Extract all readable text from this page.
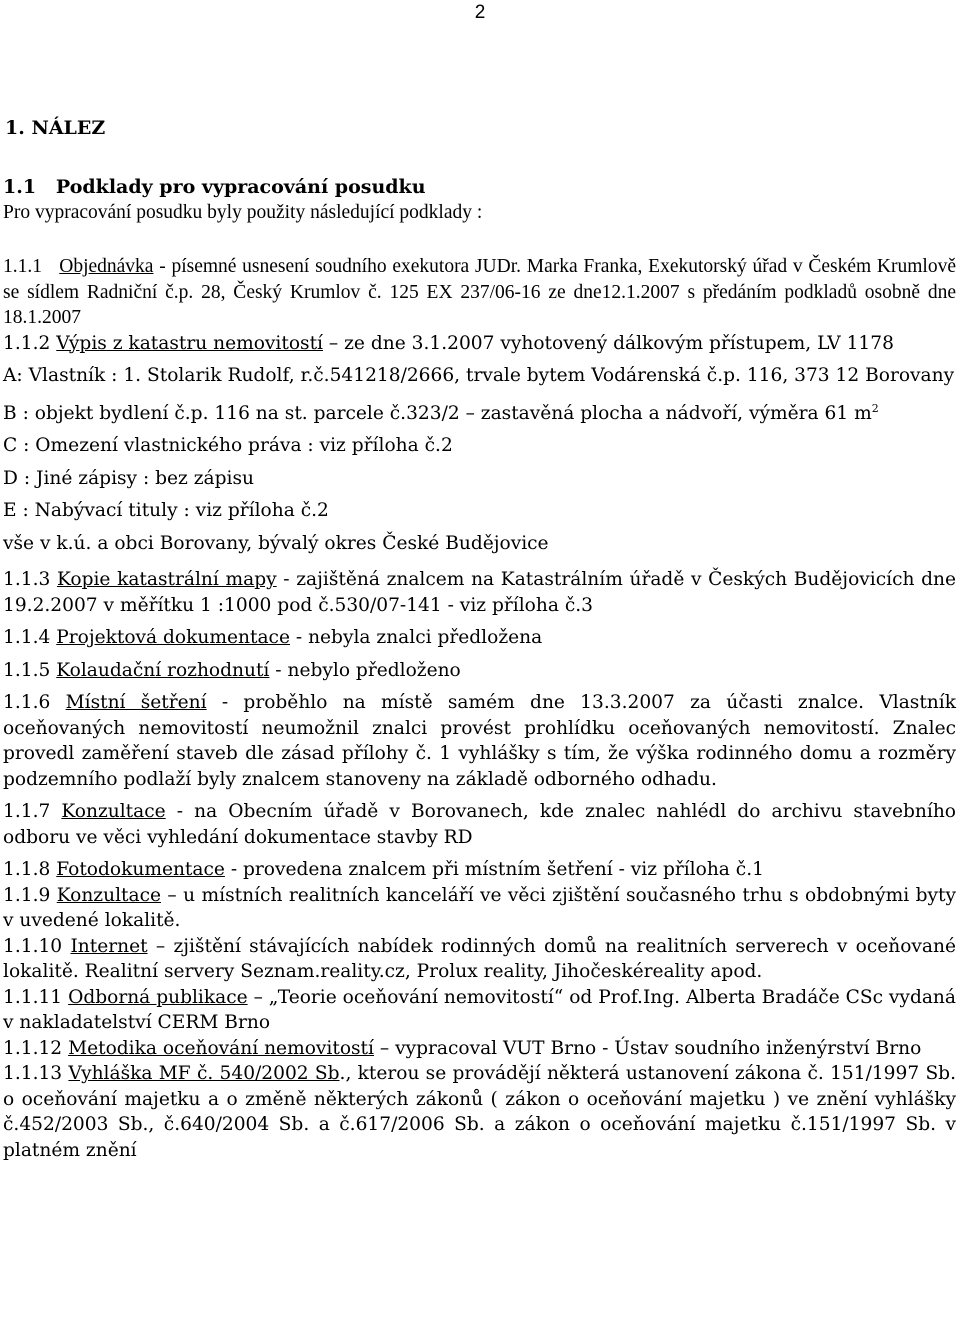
2
1. NÁLEZ
1.1 Podklady pro vypracování posudku

Pro vypracování posudku byly použity následující podklady :

1.1.1 Objednávka - písemné usnesení soudního exekutora JUDr. Marka Franka, Exekutorský úřad v Českém Krumlově se sídlem Radniční č.p. 28, Český Krumlov č. 125 EX 237/06-16 ze dne12.1.2007 s předáním podkladů osobně dne 18.1.2007

1.1.2 Výpis z katastru nemovitostí – ze dne 3.1.2007 vyhotovený dálkovým přístupem, LV 1178

A: Vlastník : 1. Stolarik Rudolf, r.č.541218/2666, trvale bytem Vodárenská č.p. 116, 373 12 Borovany

B : objekt bydlení č.p. 116 na st. parcele č.323/2 – zastavěná plocha a nádvoří, výměra 61 $m^2$

C : Omezení vlastnického práva : viz příloha č.2

D : Jiné zápisy : bez zápisu

E : Nabývací tituly : viz příloha č.2

vše v k.ú. a obci Borovany, bývalý okres České Budějovice

1.1.3 Kopie katastrální mapy - zajištěná znalcem na Katastrálním úřadě v Českých Budějovicích dne 19.2.2007 v měřítku 1 :1000 pod č.530/07-141 - viz příloha č.3

1.1.4 Projektová dokumentace - nebyla znalci předložena

1.1.5 Kolaudační rozhodnutí - nebylo předloženo

1.1.6 Místní šetření - proběhlo na místě samém dne 13.3.2007 za účasti znalce. Vlastník oceňovaných nemovitostí neumožnil znalci provést prohlídku oceňovaných nemovitostí. Znalec provedl zaměření staveb dle zásad přílohy č. 1 vyhlášky s tím, že výška rodinného domu a rozměry podzemního podlaží byly znalcem stanoveny na základě odborného odhadu.

1.1.7 Konzultace - na Obecním úřadě v Borovanech, kde znalec nahlédl do archivu stavebního odboru ve věci vyhledání dokumentace stavby RD

1.1.8 Fotodokumentace - provedena znalcem při místním šetření - viz příloha č.1

1.1.9 Konzultace – u místních realitních kanceláří ve věci zjištění současného trhu s obdobnými byty v uvedené lokalitě.

1.1.10 Internet – zjištění stávajících nabídek rodinných domů na realitních serverech v oceňované lokalitě. Realitní servery Seznam.reality.cz, Prolux reality, Jihočeskéreality apod.

1.1.11 Odborná publikace – „Teorie oceňování nemovitostí“ od Prof.Ing. Alberta Bradáče CSc vydaná v nakladatelství CERM Brno

1.1.12 Metodika oceňování nemovitostí – vypracoval VUT Brno - Ústav soudního inženýrství Brno

1.1.13 Vyhláška MF č. 540/2002 Sb., kterou se provádějí některá ustanovení zákona č. 151/1997 Sb. o oceňování majetku a o změně některých zákonů ( zákon o oceňování majetku ) ve znění vyhlášky č.452/2003 Sb., č.640/2004 Sb. a č.617/2006 Sb. a zákon o oceňování majetku č.151/1997 Sb. v platném znění
